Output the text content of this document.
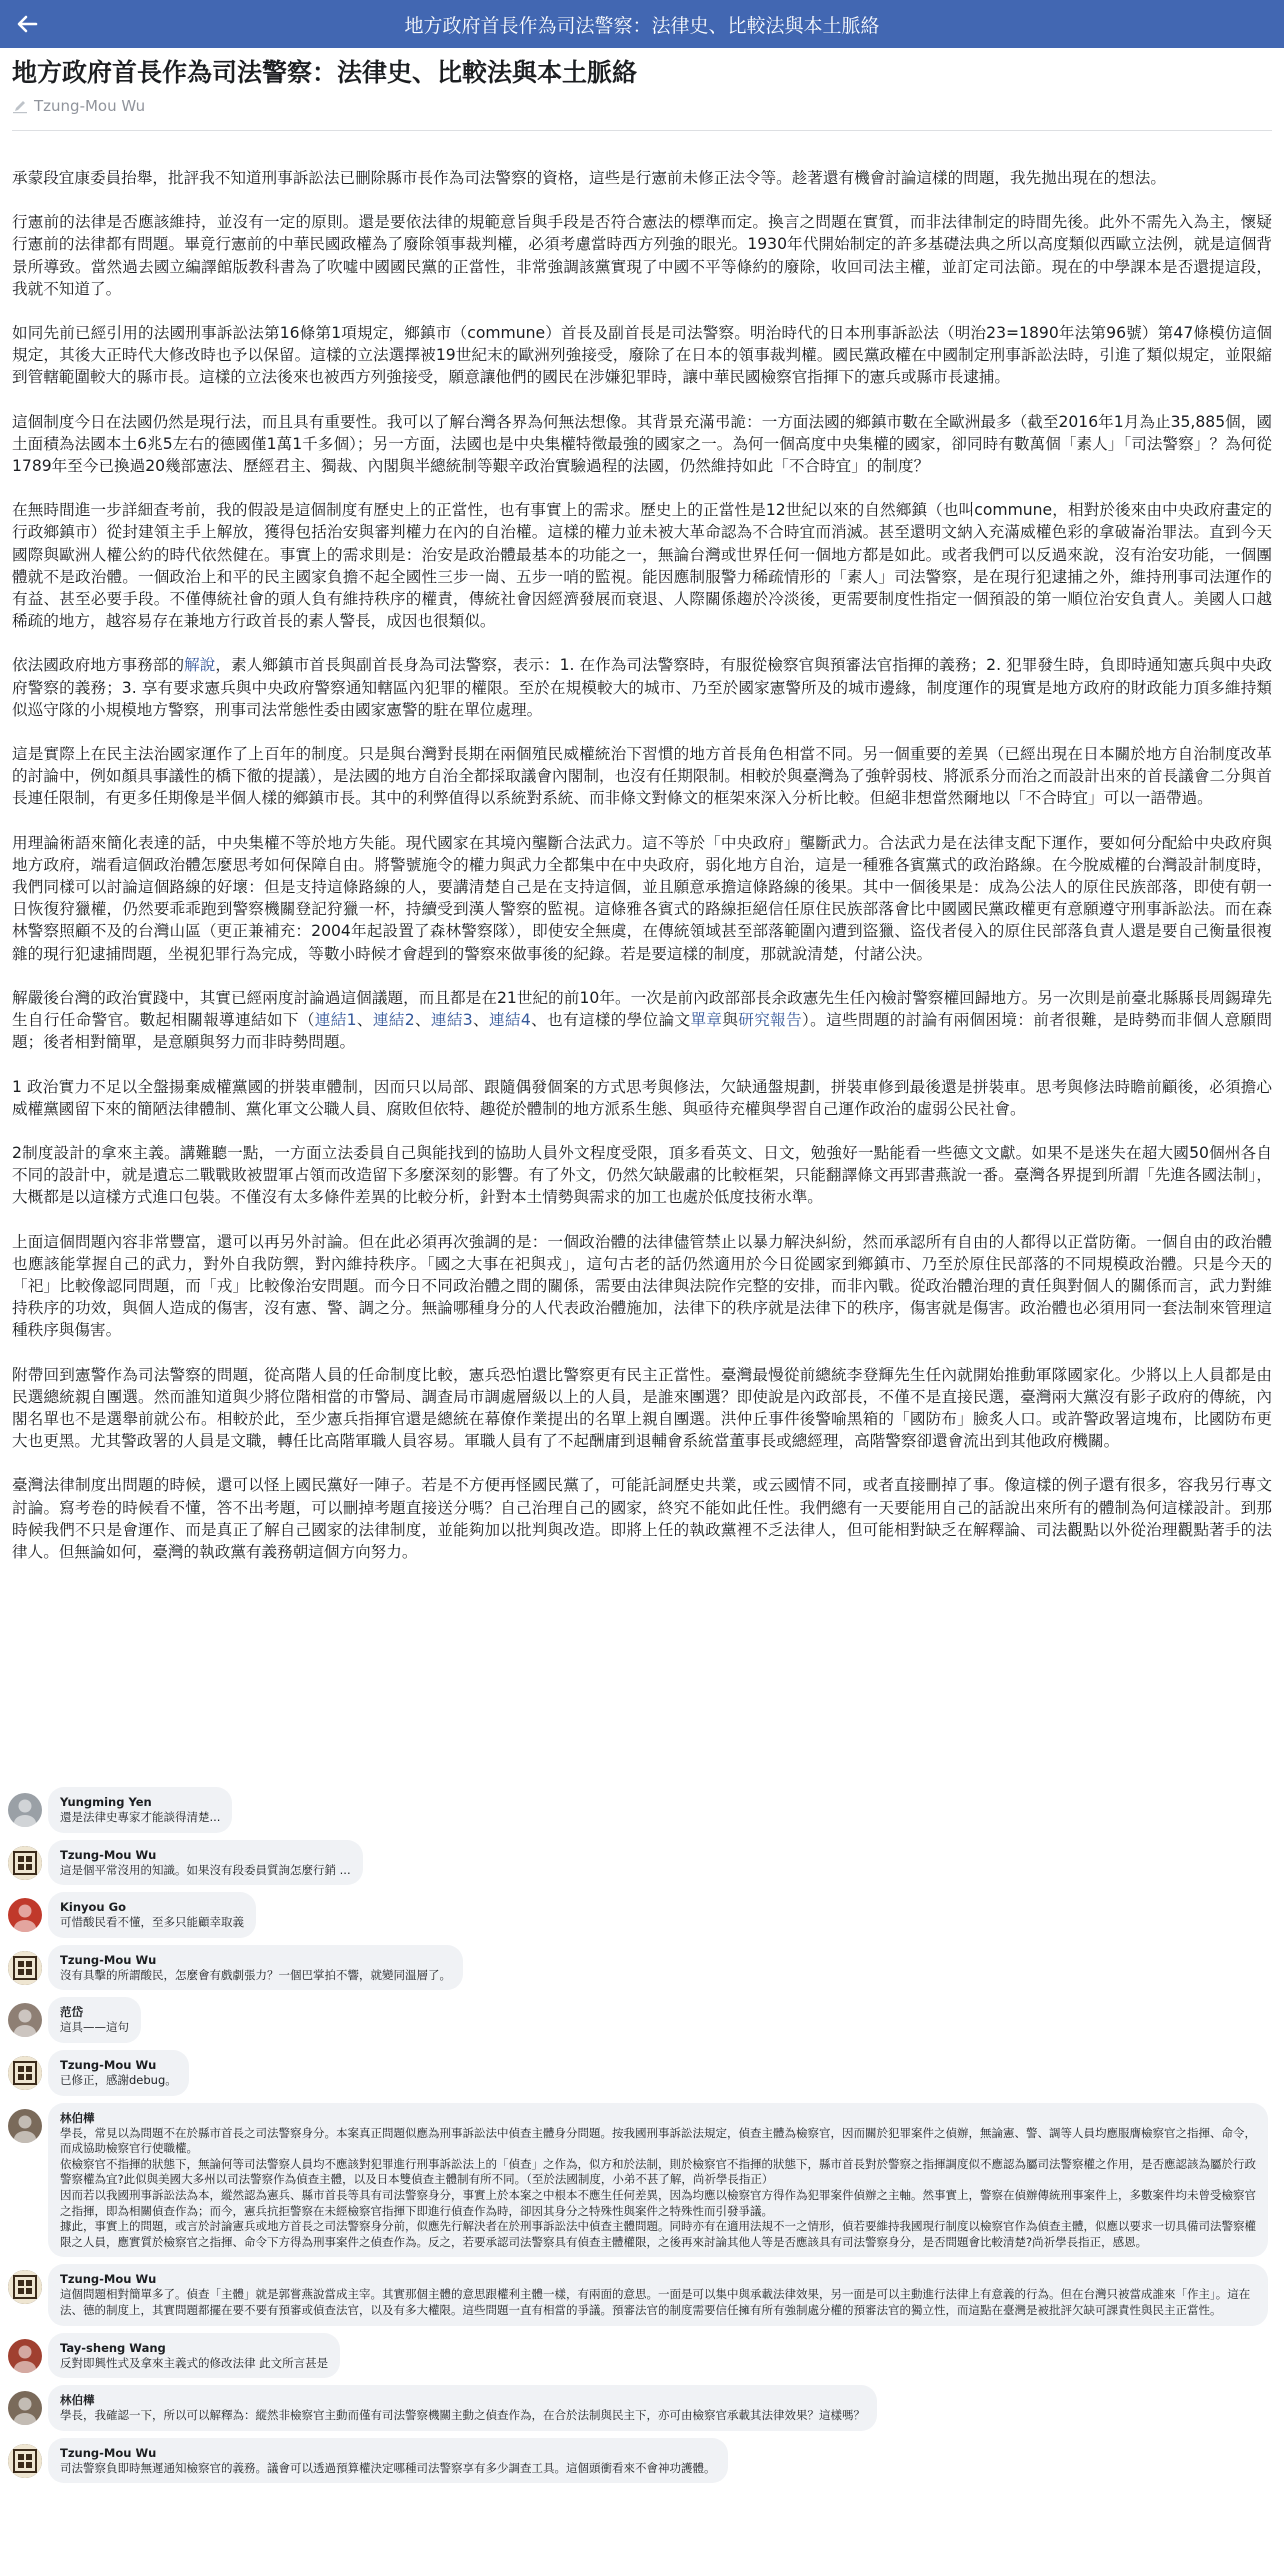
地方政府首長作為司法警察：法律史、比較法與本土脈絡
地方政府首長作為司法警察：法律史、比較法與本土脈絡
Tzung-Mou Wu

承蒙段宜康委員抬舉，批評我不知道刑事訴訟法已刪除縣市長作為司法警察的資格，這些是行憲前未修正法令等。趁著還有機會討論這樣的問題，我先拋出現在的想法。

行憲前的法律是否應該維持，並沒有一定的原則。還是要依法律的規範意旨與手段是否符合憲法的標準而定。換言之問題在實質，而非法律制定的時間先後。此外不需先入為主，懷疑行憲前的法律都有問題。畢竟行憲前的中華民國政權為了廢除領事裁判權，必須考慮當時西方列強的眼光。1930年代開始制定的許多基礎法典之所以高度類似西歐立法例，就是這個背景所導致。當然過去國立編譯館版教科書為了吹噓中國國民黨的正當性，非常強調該黨實現了中國不平等條約的廢除，收回司法主權，並訂定司法節。現在的中學課本是否還提這段，我就不知道了。

如同先前已經引用的法國刑事訴訟法第16條第1項規定，鄉鎮市（commune）首長及副首長是司法警察。明治時代的日本刑事訴訟法（明治23=1890年法第96號）第47條模仿這個規定，其後大正時代大修改時也予以保留。這樣的立法選擇被19世紀末的歐洲列強接受，廢除了在日本的領事裁判權。國民黨政權在中國制定刑事訴訟法時，引進了類似規定，並限縮到管轄範圍較大的縣市長。這樣的立法後來也被西方列強接受，願意讓他們的國民在涉嫌犯罪時，讓中華民國檢察官指揮下的憲兵或縣市長逮捕。

這個制度今日在法國仍然是現行法，而且具有重要性。我可以了解台灣各界為何無法想像。其背景充滿弔詭：一方面法國的鄉鎮市數在全歐洲最多（截至2016年1月為止35,885個，國土面積為法國本土6兆5左右的德國僅1萬1千多個）；另一方面，法國也是中央集權特徵最強的國家之一。為何一個高度中央集權的國家，卻同時有數萬個「素人」「司法警察」？為何從1789年至今已換過20幾部憲法、歷經君主、獨裁、內閣與半總統制等艱辛政治實驗過程的法國，仍然維持如此「不合時宜」的制度？

在無時間進一步詳細查考前，我的假設是這個制度有歷史上的正當性，也有事實上的需求。歷史上的正當性是12世紀以來的自然鄉鎮（也叫commune，相對於後來由中央政府畫定的行政鄉鎮市）從封建領主手上解放，獲得包括治安與審判權力在內的自治權。這樣的權力並未被大革命認為不合時宜而消滅。甚至還明文納入充滿威權色彩的拿破崙治罪法。直到今天國際與歐洲人權公約的時代依然健在。事實上的需求則是：治安是政治體最基本的功能之一，無論台灣或世界任何一個地方都是如此。或者我們可以反過來說，沒有治安功能，一個團體就不是政治體。一個政治上和平的民主國家負擔不起全國性三步一崗、五步一哨的監視。能因應制服警力稀疏情形的「素人」司法警察，是在現行犯逮捕之外，維持刑事司法運作的有益、甚至必要手段。不僅傳統社會的頭人負有維持秩序的權責，傳統社會因經濟發展而衰退、人際關係趨於冷淡後，更需要制度性指定一個預設的第一順位治安負責人。美國人口越稀疏的地方，越容易存在兼地方行政首長的素人警長，成因也很類似。

依法國政府地方事務部的解說，素人鄉鎮市首長與副首長身為司法警察，表示：1. 在作為司法警察時，有服從檢察官與預審法官指揮的義務；2. 犯罪發生時，負即時通知憲兵與中央政府警察的義務；3. 享有要求憲兵與中央政府警察通知轄區內犯罪的權限。至於在規模較大的城市、乃至於國家憲警所及的城市邊緣，制度運作的現實是地方政府的財政能力頂多維持類似巡守隊的小規模地方警察，刑事司法常態性委由國家憲警的駐在單位處理。

這是實際上在民主法治國家運作了上百年的制度。只是與台灣對長期在兩個殖民威權統治下習慣的地方首長角色相當不同。另一個重要的差異（已經出現在日本關於地方自治制度改革的討論中，例如顏具事議性的橋下徹的提議），是法國的地方自治全都採取議會內閣制，也沒有任期限制。相較於與臺灣為了強幹弱枝、將派系分而治之而設計出來的首長議會二分與首長連任限制，有更多任期像是半個人樣的鄉鎮市長。其中的利弊值得以系統對系統、而非條文對條文的框架來深入分析比較。但絕非想當然爾地以「不合時宜」可以一語帶過。

用理論術語來簡化表達的話，中央集權不等於地方失能。現代國家在其境內壟斷合法武力。這不等於「中央政府」壟斷武力。合法武力是在法律支配下運作，要如何分配給中央政府與地方政府，端看這個政治體怎麼思考如何保障自由。將警號施令的權力與武力全都集中在中央政府，弱化地方自治，這是一種雅各賓黨式的政治路線。在今脫威權的台灣設計制度時，我們同樣可以討論這個路線的好壞：但是支持這條路線的人，要講清楚自己是在支持這個，並且願意承擔這條路線的後果。其中一個後果是：成為公法人的原住民族部落，即使有朝一日恢復狩獵權，仍然要乖乖跑到警察機關登記狩獵一杯，持續受到漢人警察的監視。這條雅各賓式的路線拒絕信任原住民族部落會比中國國民黨政權更有意願遵守刑事訴訟法。而在森林警察照顧不及的台灣山區（更正兼補充：2004年起設置了森林警察隊），即使安全無虞，在傳統領域甚至部落範圍內遭到盜獵、盜伐者侵入的原住民部落負責人還是要自己衡量很複雜的現行犯逮捕問題，坐視犯罪行為完成，等數小時候才會趕到的警察來做事後的紀錄。若是要這樣的制度，那就說清楚，付諸公決。

解嚴後台灣的政治實踐中，其實已經兩度討論過這個議題，而且都是在21世紀的前10年。一次是前內政部部長余政憲先生任內檢討警察權回歸地方。另一次則是前臺北縣縣長周錫瑋先生自行任命警官。數起相關報導連結如下（連結1、連結2、連結3、連結4、也有這樣的學位論文單章與研究報告）。這些問題的討論有兩個困境：前者很難，是時勢而非個人意願問題；後者相對簡單，是意願與努力而非時勢問題。

1 政治實力不足以全盤揚棄威權黨國的拼裝車體制，因而只以局部、跟隨偶發個案的方式思考與修法，欠缺通盤規劃，拼裝車修到最後還是拼裝車。思考與修法時瞻前顧後，必須擔心威權黨國留下來的簡陋法律體制、黨化軍文公職人員、腐敗但依特、趣從於體制的地方派系生態、與亟待充權與學習自己運作政治的虛弱公民社會。

2制度設計的拿來主義。講難聽一點，一方面立法委員自己與能找到的協助人員外文程度受限，頂多看英文、日文，勉強好一點能看一些德文文獻。如果不是迷失在超大國50個州各自不同的設計中，就是遺忘二戰戰敗被盟軍占領而改造留下多麼深刻的影響。有了外文，仍然欠缺嚴肅的比較框架，只能翻譯條文再郢書燕說一番。臺灣各界提到所謂「先進各國法制」，大概都是以這樣方式進口包裝。不僅沒有太多條件差異的比較分析，針對本土情勢與需求的加工也處於低度技術水準。

上面這個問題內容非常豐富，還可以再另外討論。但在此必須再次強調的是：一個政治體的法律儘管禁止以暴力解決糾紛，然而承認所有自由的人都得以正當防衛。一個自由的政治體也應該能掌握自己的武力，對外自我防禦，對內維持秩序。「國之大事在祀與戎」，這句古老的話仍然適用於今日從國家到鄉鎮市、乃至於原住民部落的不同規模政治體。只是今天的「祀」比較像認同問題，而「戎」比較像治安問題。而今日不同政治體之間的關係，需要由法律與法院作完整的安排，而非內戰。從政治體治理的責任與對個人的關係而言，武力對維持秩序的功效，與個人造成的傷害，沒有憲、警、調之分。無論哪種身分的人代表政治體施加，法律下的秩序就是法律下的秩序，傷害就是傷害。政治體也必須用同一套法制來管理這種秩序與傷害。

附帶回到憲警作為司法警察的問題，從高階人員的任命制度比較，憲兵恐怕還比警察更有民主正當性。臺灣最慢從前總統李登輝先生任內就開始推動軍隊國家化。少將以上人員都是由民選總統親自團選。然而誰知道與少將位階相當的市警局、調查局市調處層級以上的人員，是誰來團選？即使說是內政部長，不僅不是直接民選，臺灣兩大黨沒有影子政府的傳統，內閣名單也不是選舉前就公布。相較於此，至少憲兵指揮官還是總統在幕僚作業提出的名單上親自團選。洪仲丘事件後警喻黑箱的「國防布」臉炙人口。或許警政署這塊布，比國防布更大也更黑。尤其警政署的人員是文職，轉任比高階軍職人員容易。軍職人員有了不起酬庸到退輔會系統當董事長或總經理，高階警察卻還會流出到其他政府機關。

臺灣法律制度出問題的時候，還可以怪上國民黨好一陣子。若是不方便再怪國民黨了，可能託詞歷史共業，或云國情不同，或者直接刪掉了事。像這樣的例子還有很多，容我另行專文討論。寫考卷的時候看不懂，答不出考題，可以刪掉考題直接送分嗎？自己治理自己的國家，終究不能如此任性。我們總有一天要能用自己的話說出來所有的體制為何這樣設計。到那時候我們不只是會運作、而是真正了解自己國家的法律制度，並能夠加以批判與改造。即將上任的執政黨裡不乏法律人，但可能相對缺乏在解釋論、司法觀點以外從治理觀點著手的法律人。但無論如何，臺灣的執政黨有義務朝這個方向努力。

Yungming Yen
還是法律史專家才能談得清楚...
Tzung-Mou Wu
這是個平常沒用的知識。如果沒有段委員質詢怎麼行銷 ...
Kinyou Go
可惜酸民看不懂，至多只能顧幸取義
Tzung-Mou Wu
沒有具擊的所謂酸民，怎麼會有戲劇張力？一個巴掌拍不響，就變同溫層了。
范岱
這具——這句
Tzung-Mou Wu
已修正，感謝debug。
林伯樺
學長，常見以為問題不在於縣市首長之司法警察身分。本案真正問題似應為刑事訴訟法中偵查主體身分問題。按我國刑事訴訟法規定，偵查主體為檢察官，因而關於犯罪案件之偵辦，無論憲、警、調等人員均應服膺檢察官之指揮、命令，而成協助檢察官行使職權。
依檢察官不指揮的狀態下，無論何等司法警察人員均不應該對犯罪進行刑事訴訟法上的「偵查」之作為，似方和於法制，則於檢察官不指揮的狀態下，縣市首長對於警察之指揮調度似不應認為屬司法警察權之作用，是否應認該為屬於行政警察權為宜?此似與美國大多州以司法警察作為偵查主體，以及日本雙偵查主體制有所不同。（至於法國制度，小弟不甚了解，尚祈學長指正）
因而若以我國刑事訴訟法為本，縱然認為憲兵、縣市首長等具有司法警察身分，事實上於本案之中根本不應生任何差異，因為均應以檢察官方得作為犯罪案件偵辦之主軸。然事實上，警察在偵辦傳統刑事案件上，多數案件均未曾受檢察官之指揮，即為相關偵查作為；而今，憲兵抗拒警察在未經檢察官指揮下即進行偵查作為時，卻因其身分之特殊性與案件之特殊性而引發爭議。
據此，事實上的問題，或言於討論憲兵或地方首長之司法警察身分前，似應先行解決者在於刑事訴訟法中偵查主體問題。同時亦有在適用法規不一之情形，偵若要維持我國現行制度以檢察官作為偵查主體，似應以要求一切具備司法警察權限之人員，應實質於檢察官之指揮、命令下方得為刑事案件之偵查作為。反之，若要承認司法警察具有偵查主體權限，之後再來討論其他人等是否應該具有司法警察身分，是否問題會比較清楚?尚祈學長指正，感恩。
Tzung-Mou Wu
這個問題相對簡單多了。偵查「主體」就是郭嘗燕說當成主宰。其實那個主體的意思跟權利主體一樣，有兩面的意思。一面是可以集中與承載法律效果，另一面是可以主動進行法律上有意義的行為。但在台灣只被當成誰來「作主」。這在法、德的制度上，其實問題都擺在要不要有預審或偵查法官，以及有多大權限。這些問題一直有相當的爭議。預審法官的制度需要信任擁有所有強制處分權的預審法官的獨立性，而這點在臺灣是被批評欠缺可課責性與民主正當性。
Tay-sheng Wang
反對即興性式及拿來主義式的修改法律 此文所言甚是
林伯樺
學長，我確認一下，所以可以解釋為：縱然非檢察官主動而僅有司法警察機關主動之偵查作為，在合於法制與民主下，亦可由檢察官承載其法律效果？這樣嗎？
Tzung-Mou Wu
司法警察負即時無遲通知檢察官的義務。議會可以透過預算權決定哪種司法警察享有多少調查工具。這個頭衝看來不會神功護體。
